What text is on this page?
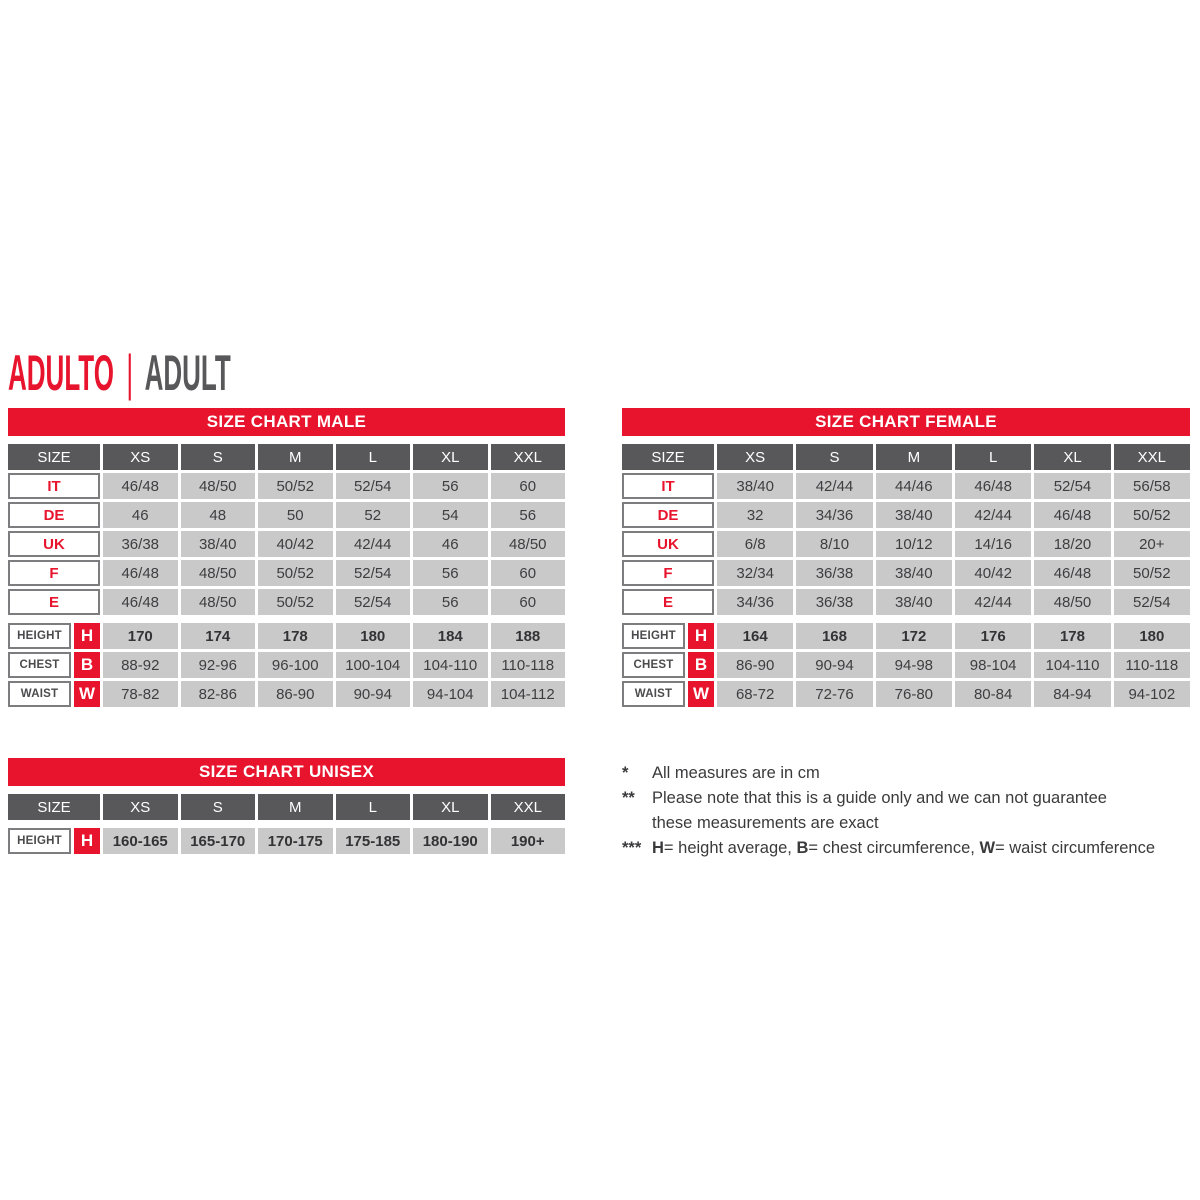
ADULTO | ADULT
SIZE CHART MALE
SIZE	XS	S	M	L	XL	XXL
IT	46/48	48/50	50/52	52/54	56	60
DE	46	48	50	52	54	56
UK	36/38	38/40	40/42	42/44	46	48/50
F	46/48	48/50	50/52	52/54	56	60
E	46/48	48/50	50/52	52/54	56	60
HEIGHT	H	170	174	178	180	184	188
CHEST	B	88-92	92-96	96-100	100-104	104-110	110-118
WAIST	W	78-82	82-86	86-90	90-94	94-104	104-112
SIZE CHART FEMALE
SIZE	XS	S	M	L	XL	XXL
IT	38/40	42/44	44/46	46/48	52/54	56/58
DE	32	34/36	38/40	42/44	46/48	50/52
UK	6/8	8/10	10/12	14/16	18/20	20+
F	32/34	36/38	38/40	40/42	46/48	50/52
E	34/36	36/38	38/40	42/44	48/50	52/54
HEIGHT	H	164	168	172	176	178	180
CHEST	B	86-90	90-94	94-98	98-104	104-110	110-118
WAIST	W	68-72	72-76	76-80	80-84	84-94	94-102
SIZE CHART UNISEX
SIZE	XS	S	M	L	XL	XXL
HEIGHT	H	160-165	165-170	170-175	175-185	180-190	190+
*	All measures are in cm
**	Please note that this is a guide only and we can not guarantee
these measurements are exact
*** H= height average, B= chest circumference, W= waist circumference
